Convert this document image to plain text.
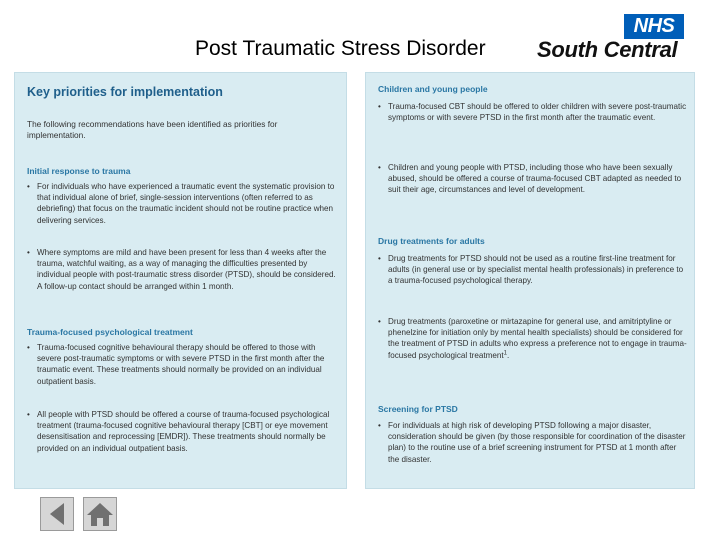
Post Traumatic Stress Disorder
NHS
South Central
Key priorities for implementation
The following recommendations have been identified as priorities for implementation.
Initial response to trauma
• For individuals who have experienced a traumatic event the systematic provision to that individual alone of brief, single-session interventions (often referred to as debriefing) that focus on the traumatic incident should not be routine practice when delivering services.
• Where symptoms are mild and have been present for less than 4 weeks after the trauma, watchful waiting, as a way of managing the difficulties presented by individual people with post-traumatic stress disorder (PTSD), should be considered. A follow-up contact should be arranged within 1 month.
Trauma-focused psychological treatment
• Trauma-focused cognitive behavioural therapy should be offered to those with severe post-traumatic symptoms or with severe PTSD in the first month after the traumatic event. These treatments should normally be provided on an individual outpatient basis.
• All people with PTSD should be offered a course of trauma-focused psychological treatment (trauma-focused cognitive behavioural therapy [CBT] or eye movement desensitisation and reprocessing [EMDR]). These treatments should normally be provided on an individual outpatient basis.
Children and young people
• Trauma-focused CBT should be offered to older children with severe post-traumatic symptoms or with severe PTSD in the first month after the traumatic event.
• Children and young people with PTSD, including those who have been sexually abused, should be offered a course of trauma-focused CBT adapted as needed to suit their age, circumstances and level of development.
Drug treatments for adults
• Drug treatments for PTSD should not be used as a routine first-line treatment for adults (in general use or by specialist mental health professionals) in preference to a trauma-focused psychological therapy.
• Drug treatments (paroxetine or mirtazapine for general use, and amitriptyline or phenelzine for initiation only by mental health specialists) should be considered for the treatment of PTSD in adults who express a preference not to engage in trauma-focused psychological treatment$^1$.
Screening for PTSD
• For individuals at high risk of developing PTSD following a major disaster, consideration should be given (by those responsible for coordination of the disaster plan) to the routine use of a brief screening instrument for PTSD at 1 month after the disaster.
